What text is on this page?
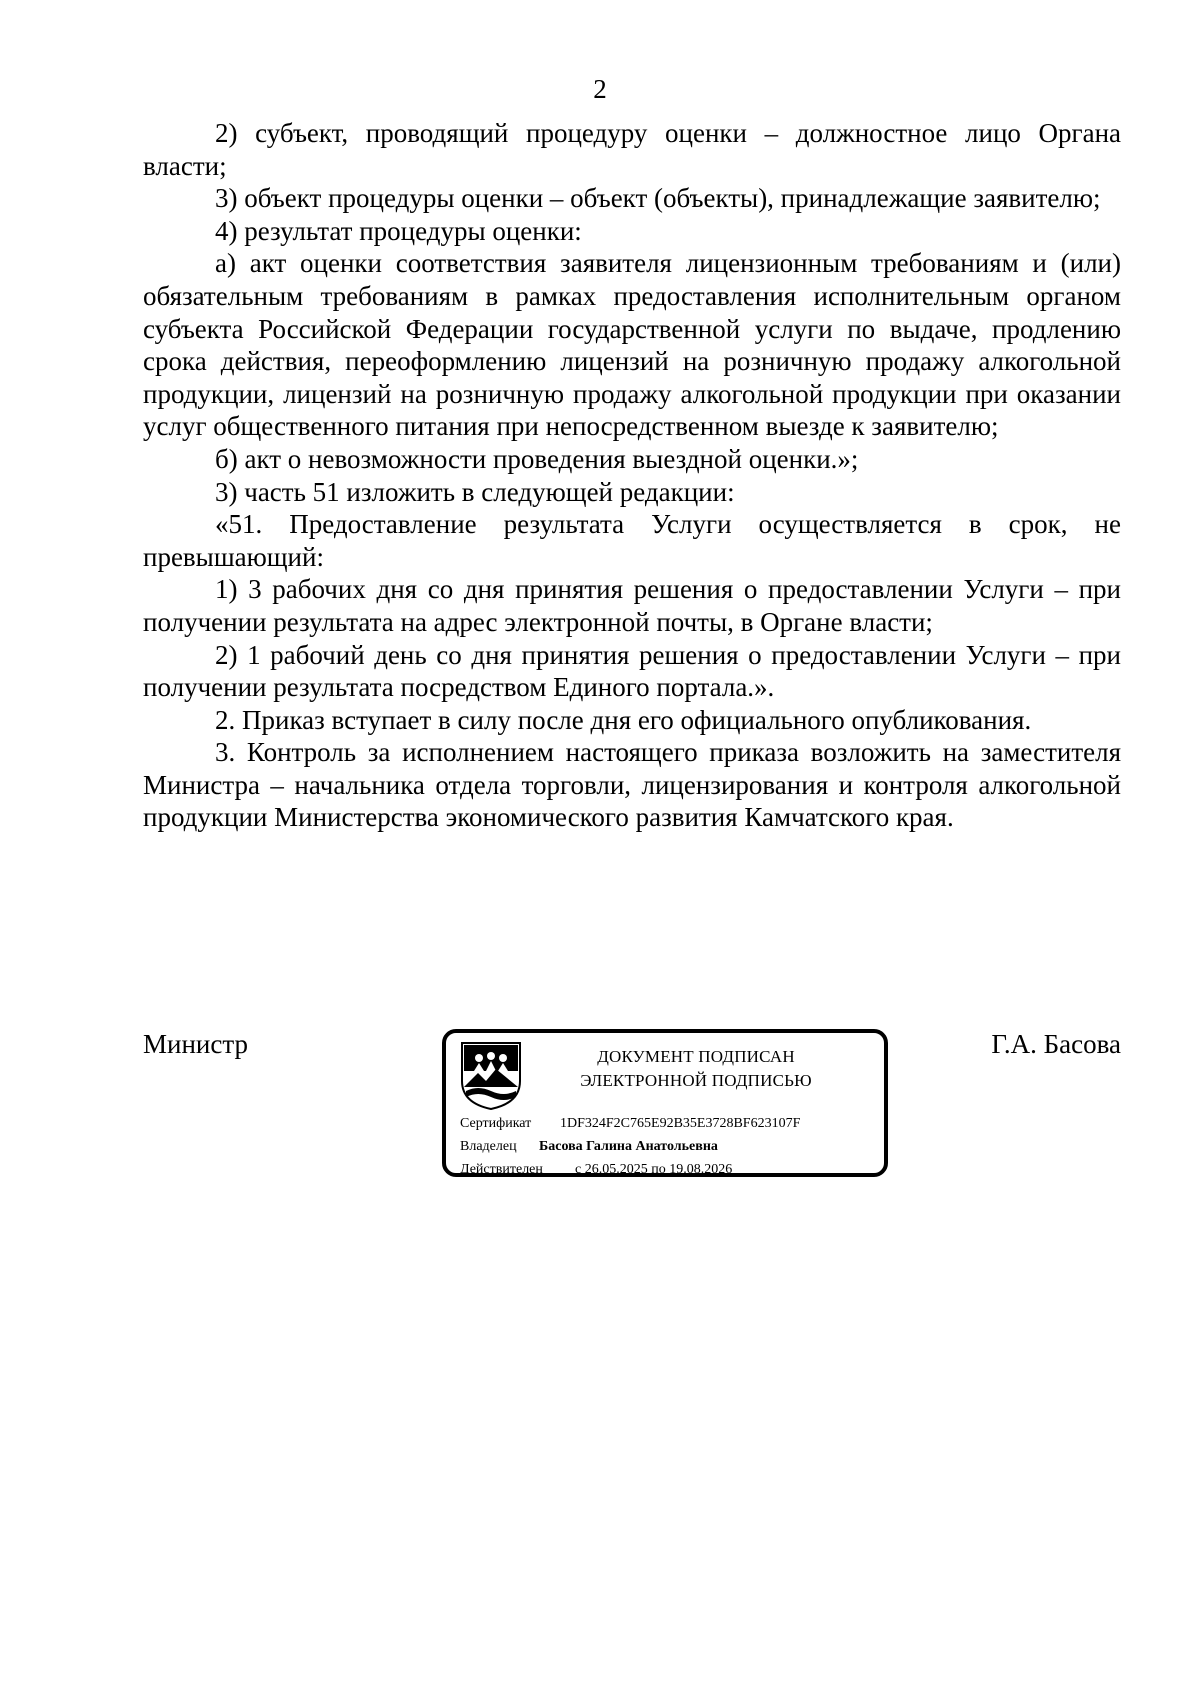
2

2) субъект, проводящий процедуру оценки – должностное лицо Органа власти;

3) объект процедуры оценки – объект (объекты), принадлежащие заявителю;

4) результат процедуры оценки:

а) акт оценки соответствия заявителя лицензионным требованиям и (или) обязательным требованиям в рамках предоставления исполнительным органом субъекта Российской Федерации государственной услуги по выдаче, продлению срока действия, переоформлению лицензий на розничную продажу алкогольной продукции, лицензий на розничную продажу алкогольной продукции при оказании услуг общественного питания при непосредственном выезде к заявителю;

б) акт о невозможности проведения выездной оценки.»;

3) часть 51 изложить в следующей редакции:

«51. Предоставление результата Услуги осуществляется в срок, не превышающий:

1) 3 рабочих дня со дня принятия решения о предоставлении Услуги – при получении результата на адрес электронной почты, в Органе власти;

2) 1 рабочий день со дня принятия решения о предоставлении Услуги – при получении результата посредством Единого портала.».

2. Приказ вступает в силу после дня его официального опубликования.

3. Контроль за исполнением настоящего приказа возложить на заместителя Министра – начальника отдела торговли, лицензирования и контроля алкогольной продукции Министерства экономического развития Камчатского края.

Министр	ДОКУМЕНТ ПОДПИСАН
ЭЛЕКТРОННОЙ ПОДПИСЬЮ
Сертификат 1DF324F2C765E92B35E3728BF623107F
Владелец Басова Галина Анатольевна
Действителен с 26.05.2025 по 19.08.2026
Г.А. Басова
